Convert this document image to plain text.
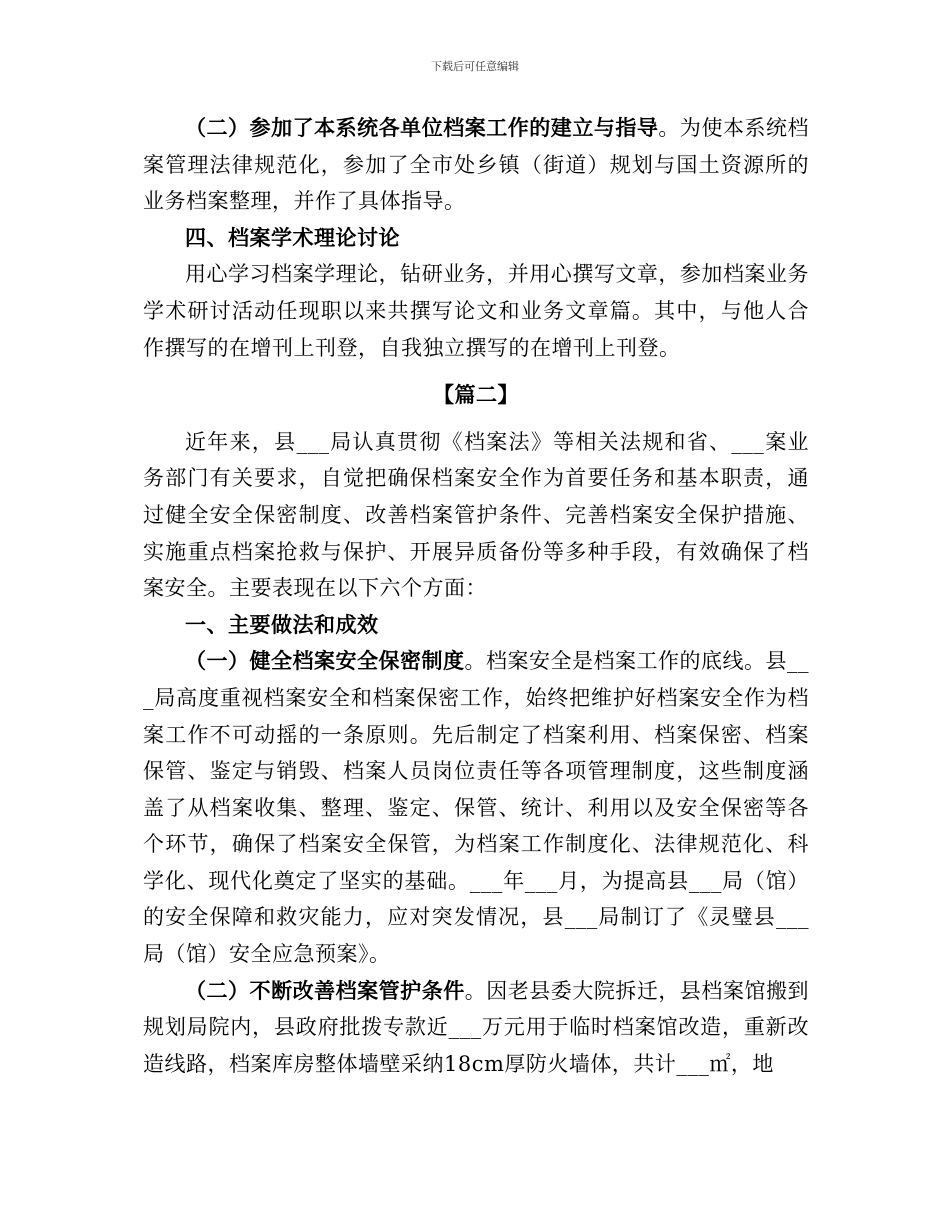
下载后可任意编辑

（二）参加了本系统各单位档案工作的建立与指导。为使本系统档案管理法律规范化，参加了全市处乡镇（街道）规划与国土资源所的业务档案整理，并作了具体指导。

四、档案学术理论讨论

用心学习档案学理论，钻研业务，并用心撰写文章，参加档案业务学术研讨活动任现职以来共撰写论文和业务文章篇。其中，与他人合作撰写的在增刊上刊登，自我独立撰写的在增刊上刊登。

【篇二】

近年来，县___局认真贯彻《档案法》等相关法规和省、___案业务部门有关要求，自觉把确保档案安全作为首要任务和基本职责，通过健全安全保密制度、改善档案管护条件、完善档案安全保护措施、实施重点档案抢救与保护、开展异质备份等多种手段，有效确保了档案安全。主要表现在以下六个方面：

一、主要做法和成效

（一）健全档案安全保密制度。档案安全是档案工作的底线。县___局高度重视档案安全和档案保密工作，始终把维护好档案安全作为档案工作不可动摇的一条原则。先后制定了档案利用、档案保密、档案保管、鉴定与销毁、档案人员岗位责任等各项管理制度，这些制度涵盖了从档案收集、整理、鉴定、保管、统计、利用以及安全保密等各个环节，确保了档案安全保管，为档案工作制度化、法律规范化、科学化、现代化奠定了坚实的基础。___年___月，为提高县___局（馆）的安全保障和救灾能力，应对突发情况，县___局制订了《灵璧县___局（馆）安全应急预案》。

（二）不断改善档案管护条件。因老县委大院拆迁，县档案馆搬到规划局院内，县政府批拨专款近___万元用于临时档案馆改造，重新改造线路，档案库房整体墙壁采纳18cm厚防火墙体，共计___㎡，地
